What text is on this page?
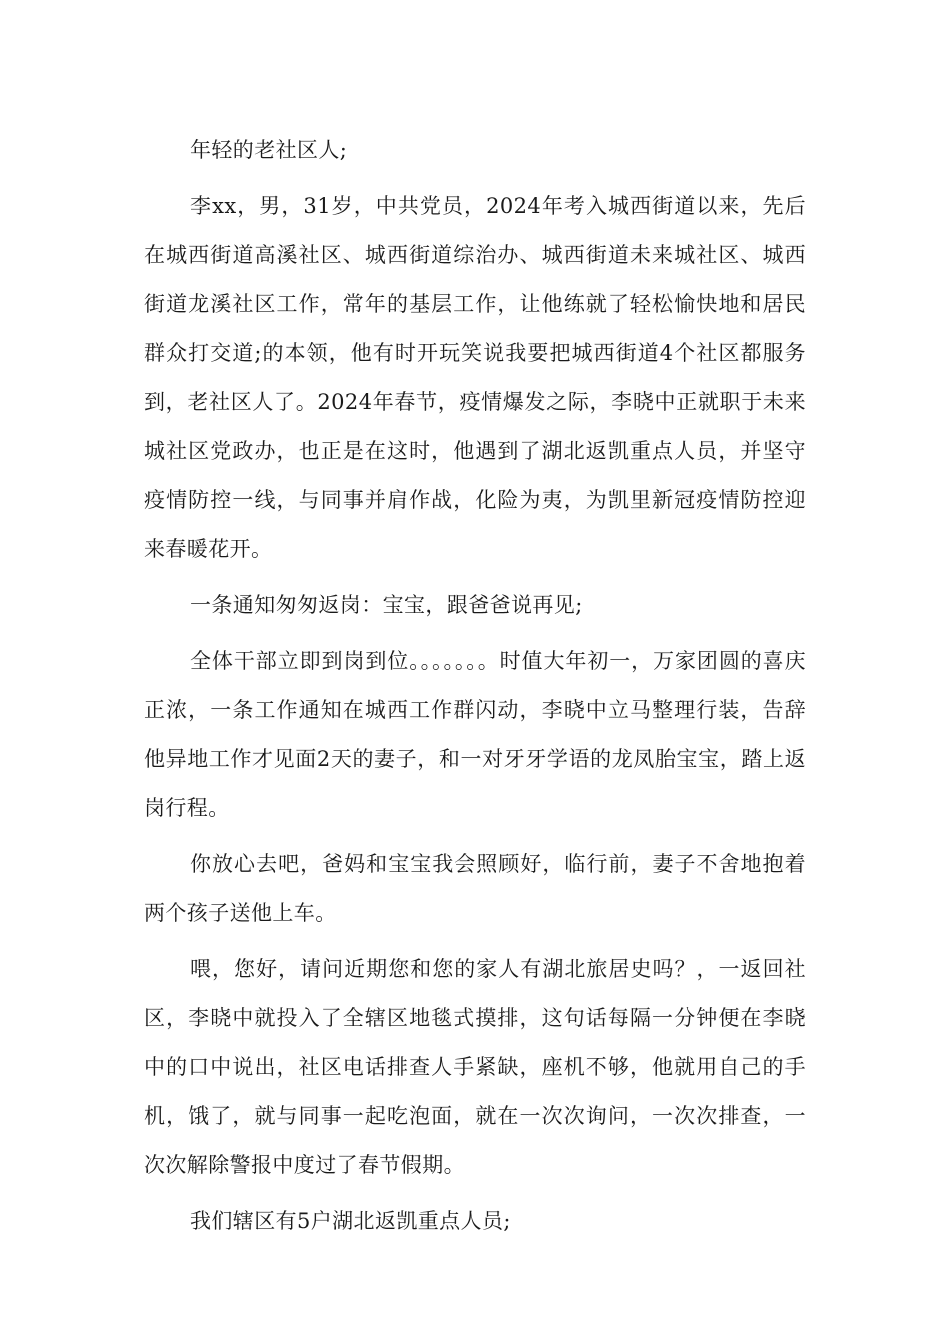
年轻的老社区人;

李xx，男，31岁，中共党员，2024年考入城西街道以来，先后在城西街道高溪社区、城西街道综治办、城西街道未来城社区、城西街道龙溪社区工作，常年的基层工作，让他练就了轻松愉快地和居民群众打交道;的本领，他有时开玩笑说我要把城西街道4个社区都服务到，老社区人了。2024年春节，疫情爆发之际，李晓中正就职于未来城社区党政办，也正是在这时，他遇到了湖北返凯重点人员，并坚守疫情防控一线，与同事并肩作战，化险为夷，为凯里新冠疫情防控迎来春暖花开。

一条通知匆匆返岗：宝宝，跟爸爸说再见;

全体干部立即到岗到位。。。。。。。时值大年初一，万家团圆的喜庆正浓，一条工作通知在城西工作群闪动，李晓中立马整理行装，告辞他异地工作才见面2天的妻子，和一对牙牙学语的龙凤胎宝宝，踏上返岗行程。

你放心去吧，爸妈和宝宝我会照顾好，临行前，妻子不舍地抱着两个孩子送他上车。

喂，您好，请问近期您和您的家人有湖北旅居史吗？，一返回社区，李晓中就投入了全辖区地毯式摸排，这句话每隔一分钟便在李晓中的口中说出，社区电话排查人手紧缺，座机不够，他就用自己的手机，饿了，就与同事一起吃泡面，就在一次次询问，一次次排查，一次次解除警报中度过了春节假期。

我们辖区有5户湖北返凯重点人员;
